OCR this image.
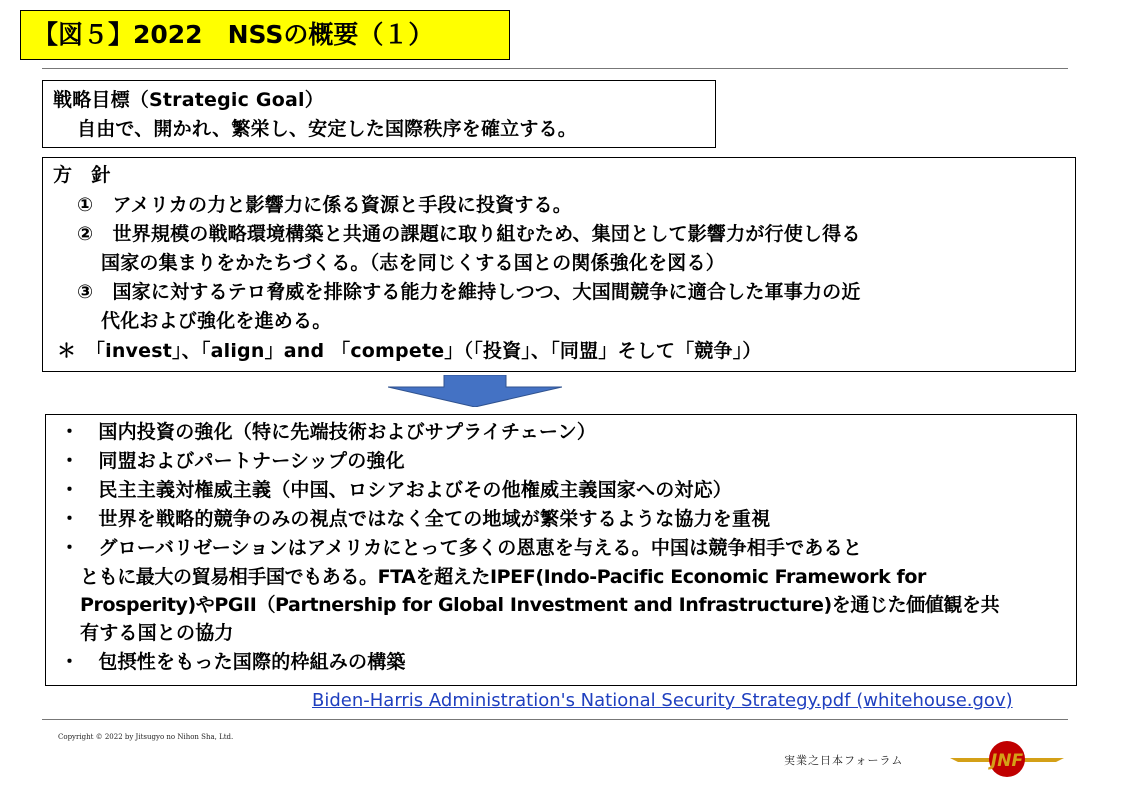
【図５】2022　NSSの概要（１）
戦略目標（Strategic Goal）
自由で、開かれ、繁栄し、安定した国際秩序を確立する。
方　針
①　アメリカの力と影響力に係る資源と手段に投資する。
②　世界規模の戦略環境構築と共通の課題に取り組むため、集団として影響力が行使し得る
国家の集まりをかたちづくる。（志を同じくする国との関係強化を図る）
③　国家に対するテロ脅威を排除する能力を維持しつつ、大国間競争に適合した軍事力の近
代化および強化を進める。
＊　「invest」、「align」and 「compete」（「投資」、「同盟」そして「競争」）
・　国内投資の強化（特に先端技術およびサプライチェーン）
・　同盟およびパートナーシップの強化
・　民主主義対権威主義（中国、ロシアおよびその他権威主義国家への対応）
・　世界を戦略的競争のみの視点ではなく全ての地域が繁栄するような協力を重視
・　グローバリゼーションはアメリカにとって多くの恩恵を与える。中国は競争相手であると
ともに最大の貿易相手国でもある。FTAを超えたIPEF(Indo-Pacific Economic Framework for
Prosperity)やPGII（Partnership for Global Investment and Infrastructure)を通じた価値観を共
有する国との協力
・　包摂性をもった国際的枠組みの構築
Biden-Harris Administration's National Security Strategy.pdf (whitehouse.gov)
Copyright © 2022 by Jitsugyo no Nihon Sha, Ltd.
実業之日本フォーラム	JNF
